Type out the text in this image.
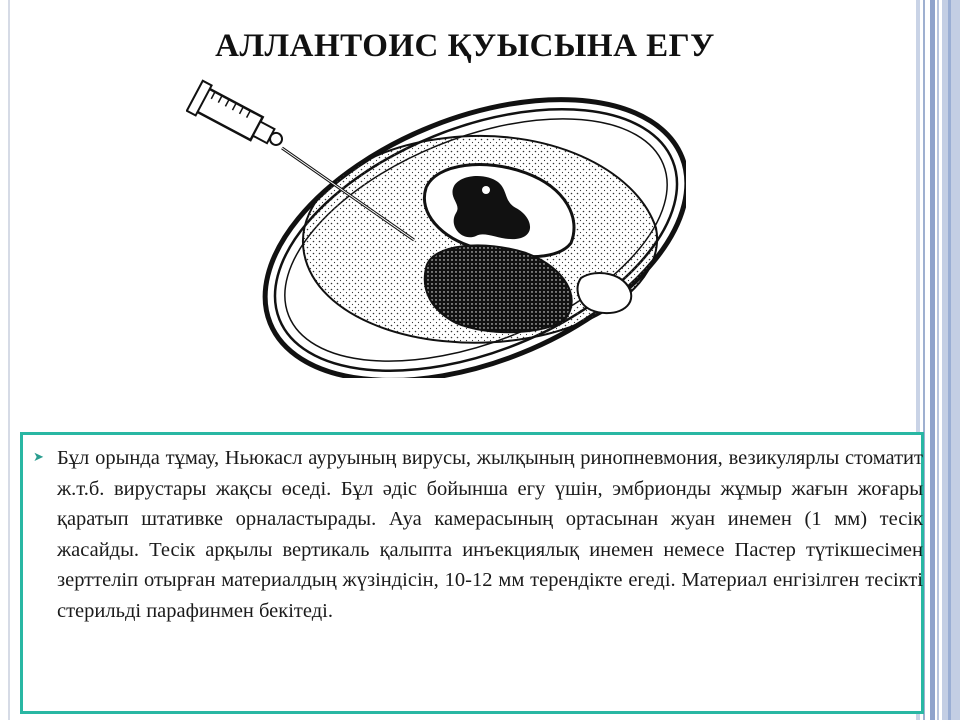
АЛЛАНТОИС ҚУЫСЫНА ЕГУ
➤ Бұл орында тұмау, Ньюкасл ауруының вирусы, жылқының ринопневмония, везикулярлы стоматит ж.т.б. вирустары жақсы өседі. Бұл әдіс бойынша егу үшін, эмбрионды жұмыр жағын жоғары қаратып штативке орналастырады. Ауа камерасының ортасынан жуан инемен (1 мм) тесік жасайды. Тесік арқылы вертикаль қалыпта инъекциялық инемен немесе Пастер түтікшесімен зерттеліп отырған материалдың жүзіндісін, 10-12 мм терендікте егеді. Материал енгізілген тесікті стерильді парафинмен бекітеді.
